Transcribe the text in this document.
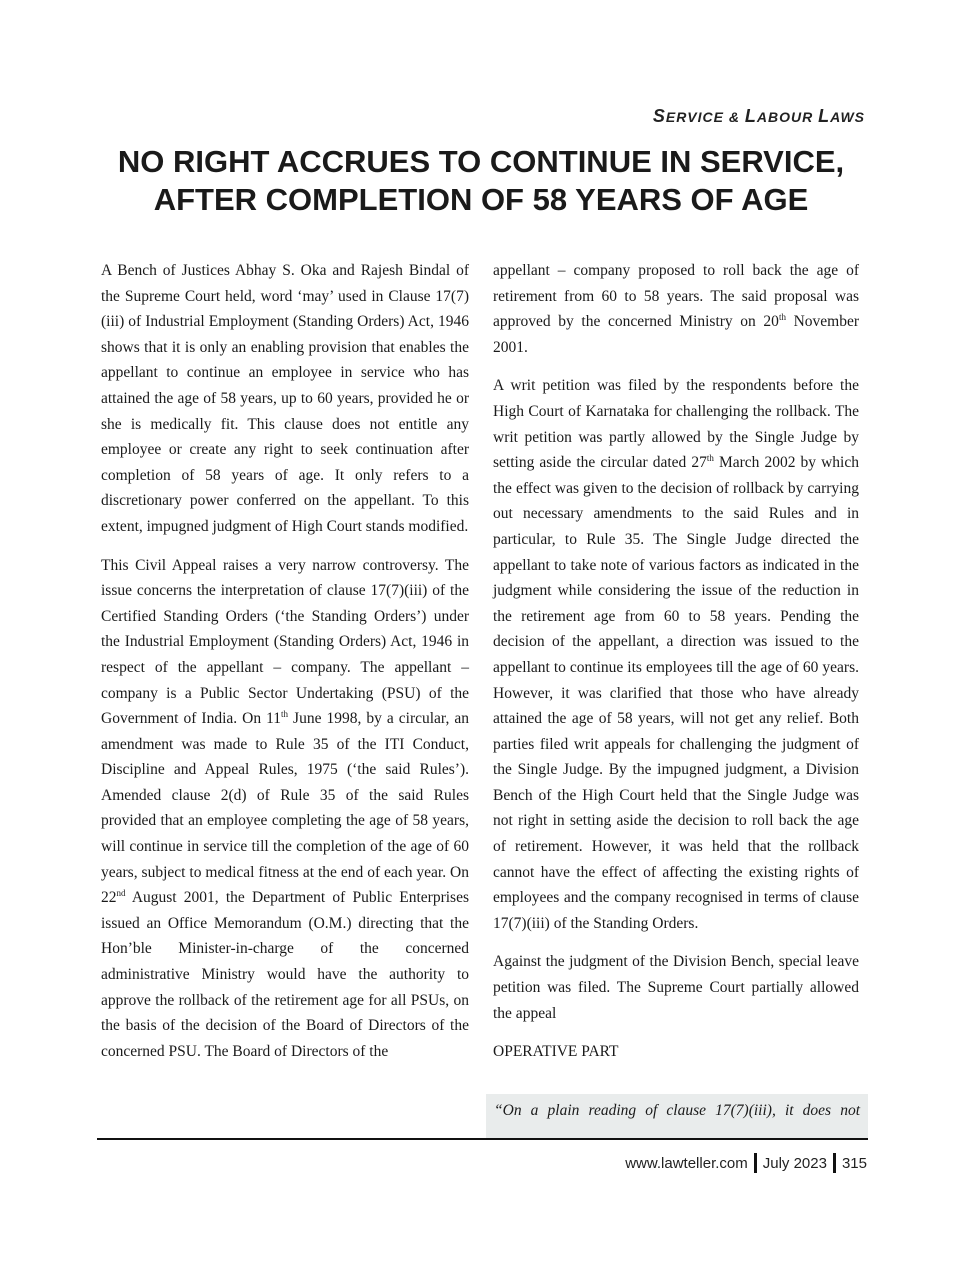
SERVICE & LABOUR LAWS
NO RIGHT ACCRUES TO CONTINUE IN SERVICE,
AFTER COMPLETION OF 58 YEARS OF AGE

A Bench of Justices Abhay S. Oka and Rajesh Bindal of the Supreme Court held, word ‘may’ used in Clause 17(7)(iii) of Industrial Employment (Standing Orders) Act, 1946 shows that it is only an enabling provision that enables the appellant to continue an employee in service who has attained the age of 58 years, up to 60 years, provided he or she is medically fit. This clause does not entitle any employee or create any right to seek continuation after completion of 58 years of age. It only refers to a discretionary power conferred on the appellant. To this extent, impugned judgment of High Court stands modified.

This Civil Appeal raises a very narrow controversy. The issue concerns the interpretation of clause 17(7)(iii) of the Certified Standing Orders (‘the Standing Orders’) under the Industrial Employment (Standing Orders) Act, 1946 in respect of the appellant – company. The appellant – company is a Public Sector Undertaking (PSU) of the Government of India. On 11th June 1998, by a circular, an amendment was made to Rule 35 of the ITI Conduct, Discipline and Appeal Rules, 1975 (‘the said Rules’). Amended clause 2(d) of Rule 35 of the said Rules provided that an employee completing the age of 58 years, will continue in service till the completion of the age of 60 years, subject to medical fitness at the end of each year. On 22nd August 2001, the Department of Public Enterprises issued an Office Memorandum (O.M.) directing that the Hon’ble Minister-in-charge of the concerned administrative Ministry would have the authority to approve the rollback of the retirement age for all PSUs, on the basis of the decision of the Board of Directors of the concerned PSU. The Board of Directors of the

appellant – company proposed to roll back the age of retirement from 60 to 58 years. The said proposal was approved by the concerned Ministry on 20th November 2001.

A writ petition was filed by the respondents before the High Court of Karnataka for challenging the rollback. The writ petition was partly allowed by the Single Judge by setting aside the circular dated 27th March 2002 by which the effect was given to the decision of rollback by carrying out necessary amendments to the said Rules and in particular, to Rule 35. The Single Judge directed the appellant to take note of various factors as indicated in the judgment while considering the issue of the reduction in the retirement age from 60 to 58 years. Pending the decision of the appellant, a direction was issued to the appellant to continue its employees till the age of 60 years. However, it was clarified that those who have already attained the age of 58 years, will not get any relief. Both parties filed writ appeals for challenging the judgment of the Single Judge. By the impugned judgment, a Division Bench of the High Court held that the Single Judge was not right in setting aside the decision to roll back the age of retirement. However, it was held that the rollback cannot have the effect of affecting the existing rights of employees and the company recognised in terms of clause 17(7)(iii) of the Standing Orders.

Against the judgment of the Division Bench, special leave petition was filed. The Supreme Court partially allowed the appeal

OPERATIVE PART
“On a plain reading of clause 17(7)(iii), it does not
www.lawteller.com July 2023 315
